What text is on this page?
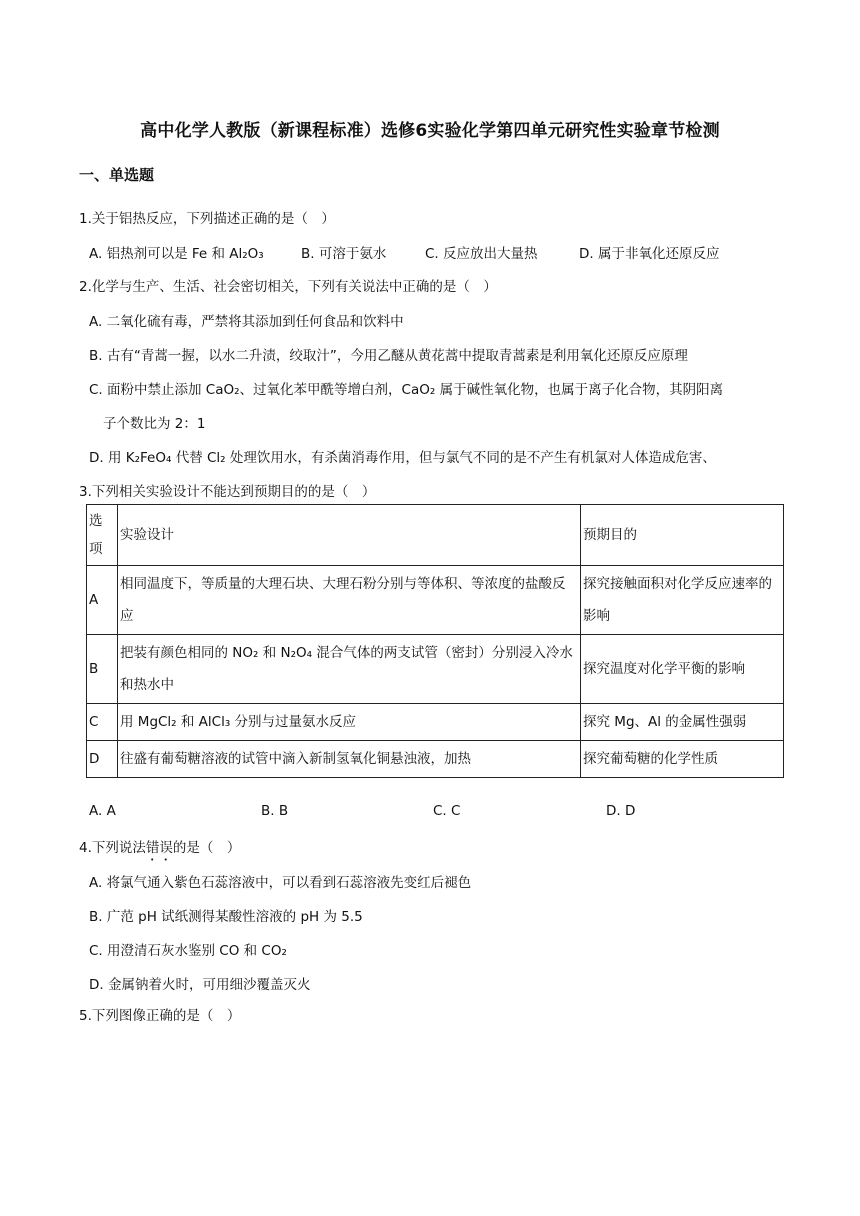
高中化学人教版（新课程标准）选修6实验化学第四单元研究性实验章节检测
一、单选题
1.关于铝热反应，下列描述正确的是（　）
A. 铝热剂可以是 Fe 和 Al₂O₃	B. 可溶于氨水	C. 反应放出大量热	D. 属于非氧化还原反应
2.化学与生产、生活、社会密切相关，下列有关说法中正确的是（　）
A. 二氧化硫有毒，严禁将其添加到任何食品和饮料中
B. 古有“青蒿一握，以水二升渍，绞取汁”，今用乙醚从黄花蒿中提取青蒿素是利用氧化还原反应原理
C. 面粉中禁止添加 CaO₂、过氧化苯甲酰等增白剂，CaO₂ 属于碱性氧化物，也属于离子化合物，其阴阳离
子个数比为 2：1
D. 用 K₂FeO₄ 代替 Cl₂ 处理饮用水，有杀菌消毒作用，但与氯气不同的是不产生有机氯对人体造成危害、
3.下列相关实验设计不能达到预期目的的是（　）
选项	实验设计	预期目的
A	相同温度下，等质量的大理石块、大理石粉分别与等体积、等浓度的盐酸反应	探究接触面积对化学反应速率的影响
B	把装有颜色相同的 NO₂ 和 N₂O₄ 混合气体的两支试管（密封）分别浸入冷水和热水中	探究温度对化学平衡的影响
C	用 MgCl₂ 和 AlCl₃ 分别与过量氨水反应	探究 Mg、Al 的金属性强弱
D	往盛有葡萄糖溶液的试管中滴入新制氢氧化铜悬浊液，加热	探究葡萄糖的化学性质
A. A	B. B	C. C	D. D
4.下列说法错误的是（　）
A. 将氯气通入紫色石蕊溶液中，可以看到石蕊溶液先变红后褪色
B. 广范 pH 试纸测得某酸性溶液的 pH 为 5.5
C. 用澄清石灰水鉴别 CO 和 CO₂
D. 金属钠着火时，可用细沙覆盖灭火
5.下列图像正确的是（　）
